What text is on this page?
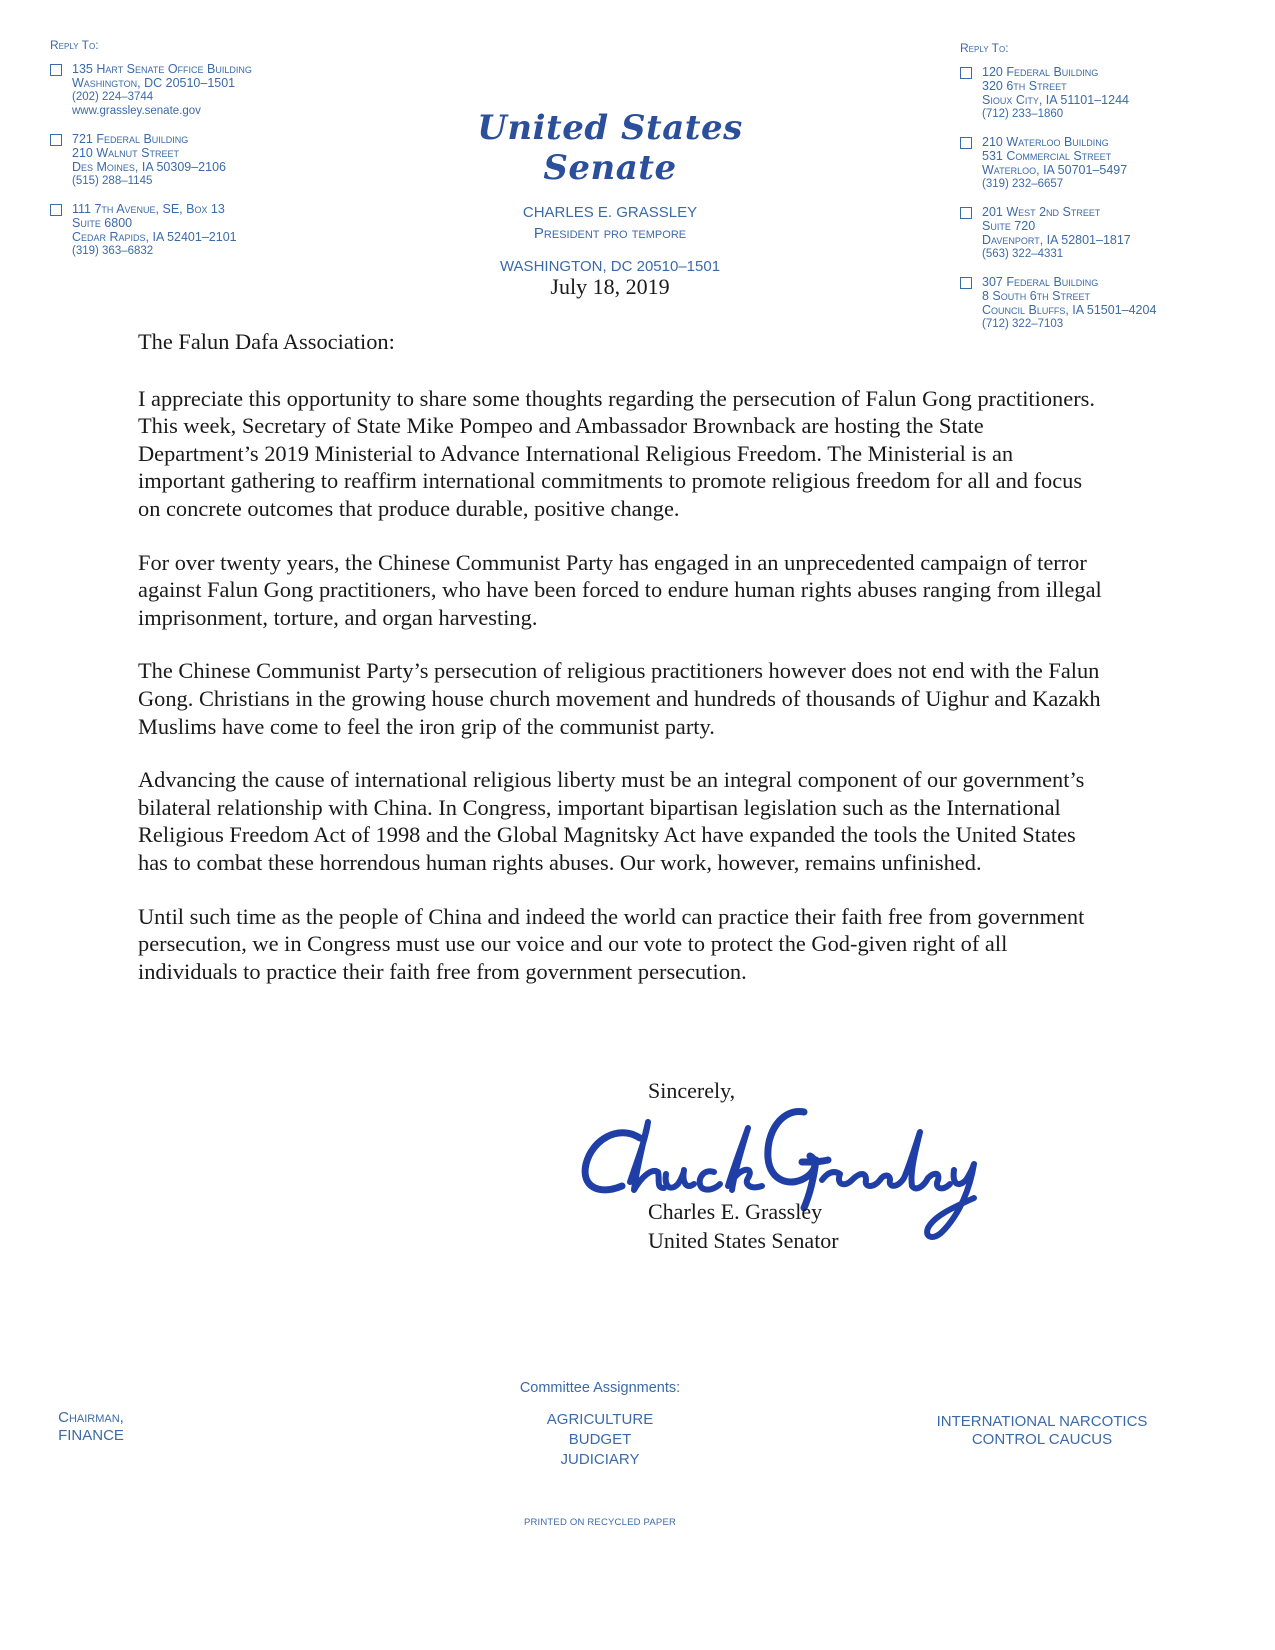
Reply To:
135 Hart Senate Office Building
Washington, DC 20510–1501
(202) 224–3744
www.grassley.senate.gov
721 Federal Building
210 Walnut Street
Des Moines, IA 50309–2106
(515) 288–1145
111 7th Avenue, SE, Box 13
Suite 6800
Cedar Rapids, IA 52401–2101
(319) 363–6832
United States Senate
CHARLES E. GRASSLEY
President pro tempore
WASHINGTON, DC 20510–1501
Reply To:
120 Federal Building
320 6th Street
Sioux City, IA 51101–1244
(712) 233–1860
210 Waterloo Building
531 Commercial Street
Waterloo, IA 50701–5497
(319) 232–6657
201 West 2nd Street
Suite 720
Davenport, IA 52801–1817
(563) 322–4331
307 Federal Building
8 South 6th Street
Council Bluffs, IA 51501–4204
(712) 322–7103
July 18, 2019

The Falun Dafa Association:

I appreciate this opportunity to share some thoughts regarding the persecution of Falun Gong practitioners. This week, Secretary of State Mike Pompeo and Ambassador Brownback are hosting the State Department’s 2019 Ministerial to Advance International Religious Freedom. The Ministerial is an important gathering to reaffirm international commitments to promote religious freedom for all and focus on concrete outcomes that produce durable, positive change.

For over twenty years, the Chinese Communist Party has engaged in an unprecedented campaign of terror against Falun Gong practitioners, who have been forced to endure human rights abuses ranging from illegal imprisonment, torture, and organ harvesting.

The Chinese Communist Party’s persecution of religious practitioners however does not end with the Falun Gong. Christians in the growing house church movement and hundreds of thousands of Uighur and Kazakh Muslims have come to feel the iron grip of the communist party.

Advancing the cause of international religious liberty must be an integral component of our government’s bilateral relationship with China. In Congress, important bipartisan legislation such as the International Religious Freedom Act of 1998 and the Global Magnitsky Act have expanded the tools the United States has to combat these horrendous human rights abuses. Our work, however, remains unfinished.

Until such time as the people of China and indeed the world can practice their faith free from government persecution, we in Congress must use our voice and our vote to protect the God-given right of all individuals to practice their faith free from government persecution.

Sincerely,
Charles E. Grassley
United States Senator
Chairman,
FINANCE
Committee Assignments:
AGRICULTURE
BUDGET
JUDICIARY
INTERNATIONAL NARCOTICS
CONTROL CAUCUS
PRINTED ON RECYCLED PAPER
